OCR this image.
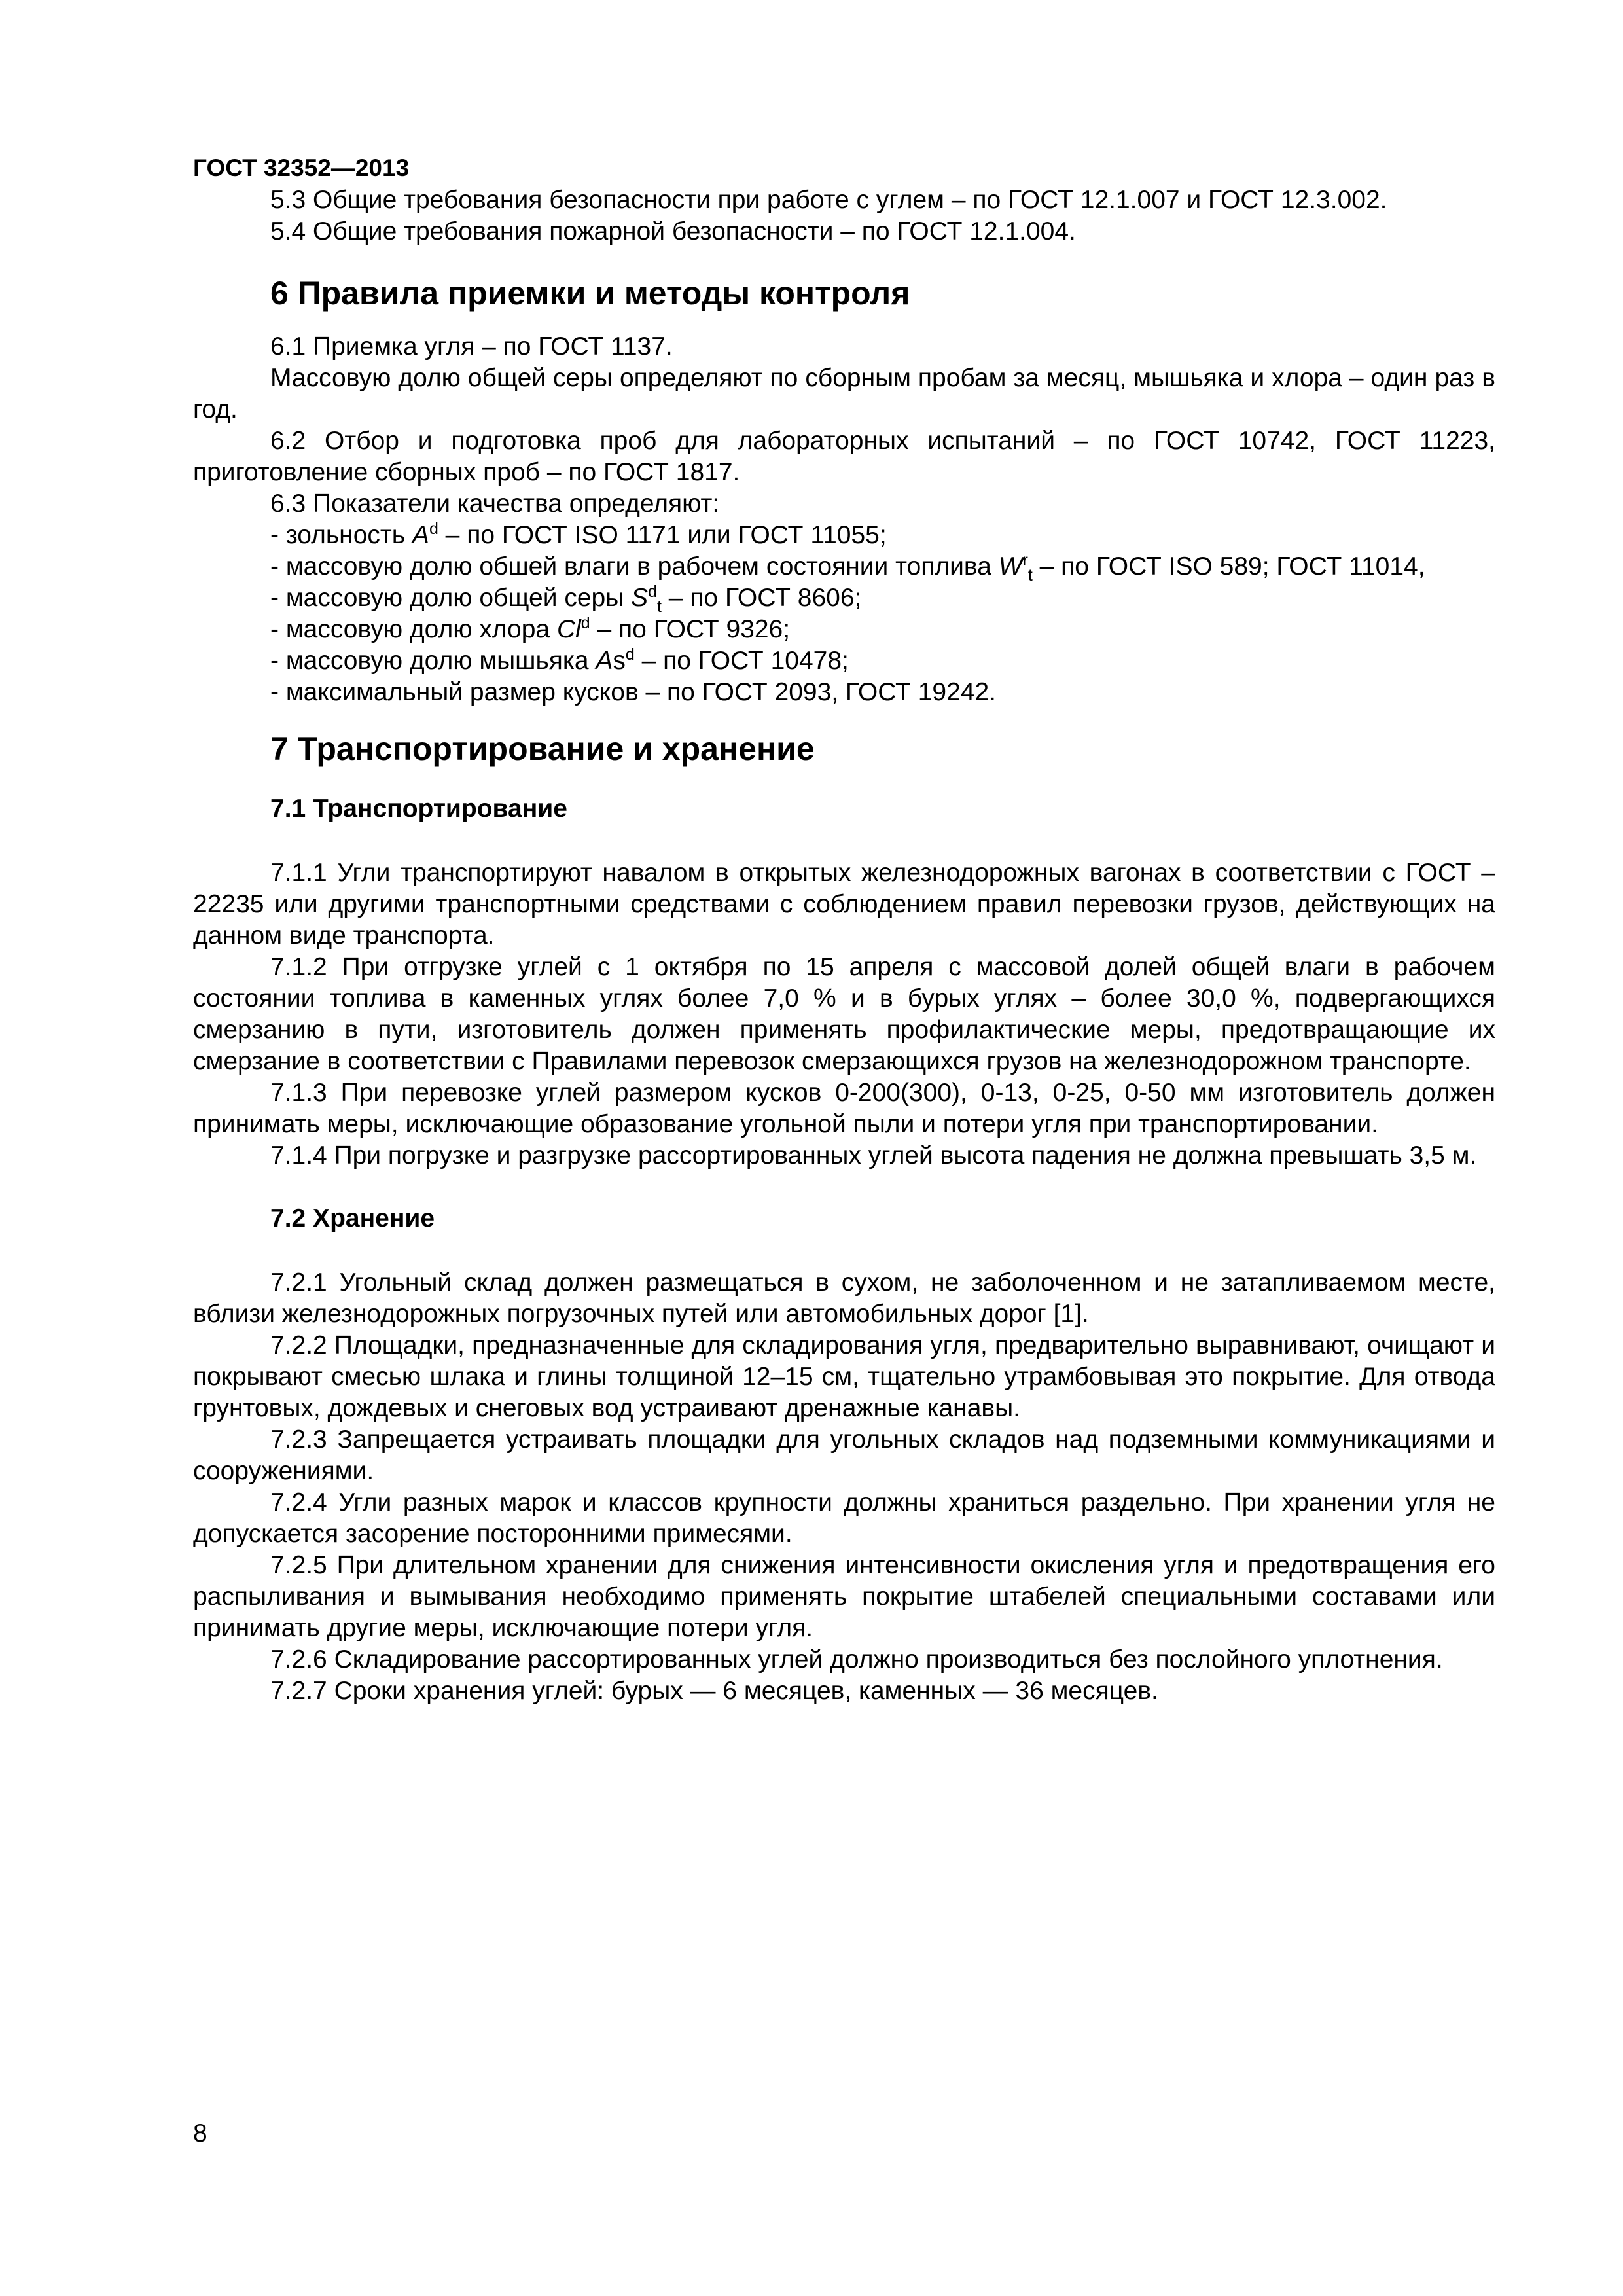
ГОСТ 32352—2013

5.3 Общие требования безопасности при работе с углем – по ГОСТ 12.1.007 и ГОСТ 12.3.002.

5.4 Общие требования пожарной безопасности – по ГОСТ 12.1.004.

6 Правила приемки и методы контроля

6.1 Приемка угля – по ГОСТ 1137.

Массовую долю общей серы определяют по сборным пробам за месяц, мышьяка и хлора – один раз в год.

6.2 Отбор и подготовка проб для лабораторных испытаний – по ГОСТ 10742, ГОСТ 11223, приготовление сборных проб – по ГОСТ 1817.

6.3 Показатели качества определяют:

- зольность $A^d$ – по ГОСТ ISO 1171 или ГОСТ 11055;

- массовую долю обшей влаги в рабочем состоянии топлива $W^r_t$ – по ГОСТ ISO 589; ГОСТ 11014,

- массовую долю общей серы $S^d_t$ – по ГОСТ 8606;

- массовую долю хлора Cl$^d$ – по ГОСТ 9326;

- массовую долю мышьяка As$^d$ – по ГОСТ 10478;

- максимальный размер кусков – по ГОСТ 2093, ГОСТ 19242.

7 Транспортирование и хранение
7.1 Транспортирование

7.1.1 Угли транспортируют навалом в открытых железнодорожных вагонах в соответствии с ГОСТ – 22235 или другими транспортными средствами с соблюдением правил перевозки грузов, действующих на данном виде транспорта.

7.1.2 При отгрузке углей с 1 октября по 15 апреля с массовой долей общей влаги в рабочем состоянии топлива в каменных углях более 7,0 % и в бурых углях – более 30,0 %, подвергающихся смерзанию в пути, изготовитель должен применять профилактические меры, предотвращающие их смерзание в соответствии с Правилами перевозок смерзающихся грузов на железнодорожном транспорте.

7.1.3 При перевозке углей размером кусков 0-200(300), 0-13, 0-25, 0-50 мм изготовитель должен принимать меры, исключающие образование угольной пыли и потери угля при транспортировании.

7.1.4 При погрузке и разгрузке рассортированных углей высота падения не должна превышать 3,5 м.

7.2 Хранение

7.2.1 Угольный склад должен размещаться в сухом, не заболоченном и не затапливаемом месте, вблизи железнодорожных погрузочных путей или автомобильных дорог [1].

7.2.2 Площадки, предназначенные для складирования угля, предварительно выравнивают, очищают и покрывают смесью шлака и глины толщиной 12–15 см, тщательно утрамбовывая это покрытие. Для отвода грунтовых, дождевых и снеговых вод устраивают дренажные канавы.

7.2.3 Запрещается устраивать площадки для угольных складов над подземными коммуникациями и сооружениями.

7.2.4 Угли разных марок и классов крупности должны храниться раздельно. При хранении угля не допускается засорение посторонними примесями.

7.2.5 При длительном хранении для снижения интенсивности окисления угля и предотвращения его распыливания и вымывания необходимо применять покрытие штабелей специальными составами или принимать другие меры, исключающие потери угля.

7.2.6 Складирование рассортированных углей должно производиться без послойного уплотнения.

7.2.7 Сроки хранения углей: бурых — 6 месяцев, каменных — 36 месяцев.

8
